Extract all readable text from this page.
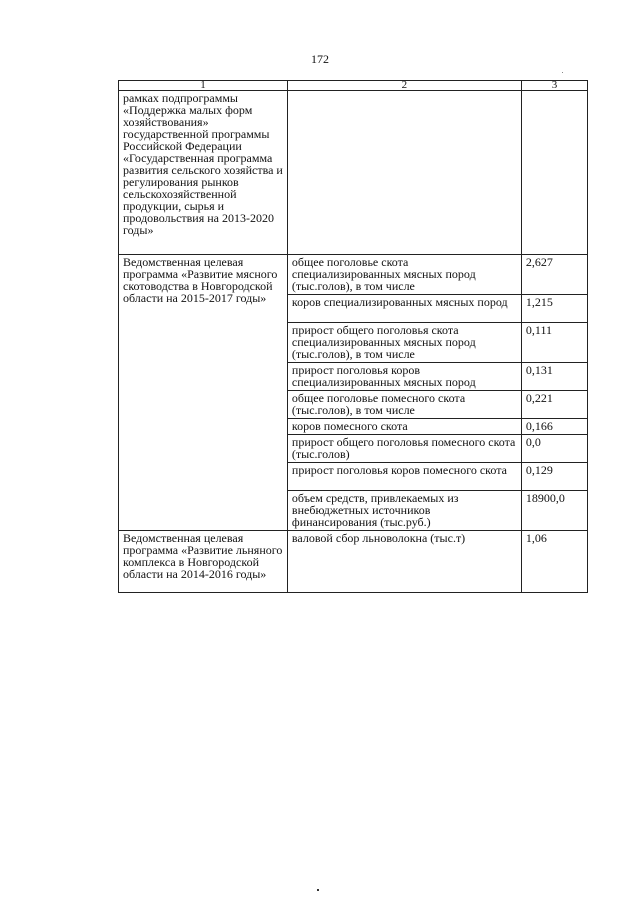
172
1	2	3
рамках подпрограммы «Поддержка малых форм хозяйствования» государственной программы Российской Федерации «Государственная программа развития сельского хозяйства и регулирования рынков сельскохозяйственной продукции, сырья и продовольствия на 2013-2020 годы»		
Ведомственная целевая программа «Развитие мясного скотоводства в Новгородской области на 2015-2017 годы»	общее поголовье скота специализированных мясных пород (тыс.голов), в том числе	2,627
	коров специализированных мясных пород	1,215
	прирост общего поголовья скота специализированных мясных пород (тыс.голов), в том числе	0,111
	прирост поголовья коров специализированных мясных пород	0,131
	общее поголовье помесного скота (тыс.голов), в том числе	0,221
	коров помесного скота	0,166
	прирост общего поголовья помесного скота (тыс.голов)	0,0
	прирост поголовья коров помесного скота	0,129
	объем средств, привлекаемых из внебюджетных источников финансирования (тыс.руб.)	18900,0
Ведомственная целевая программа «Развитие льняного комплекса в Новгородской области на 2014-2016 годы»	валовой сбор льноволокна (тыс.т)	1,06
